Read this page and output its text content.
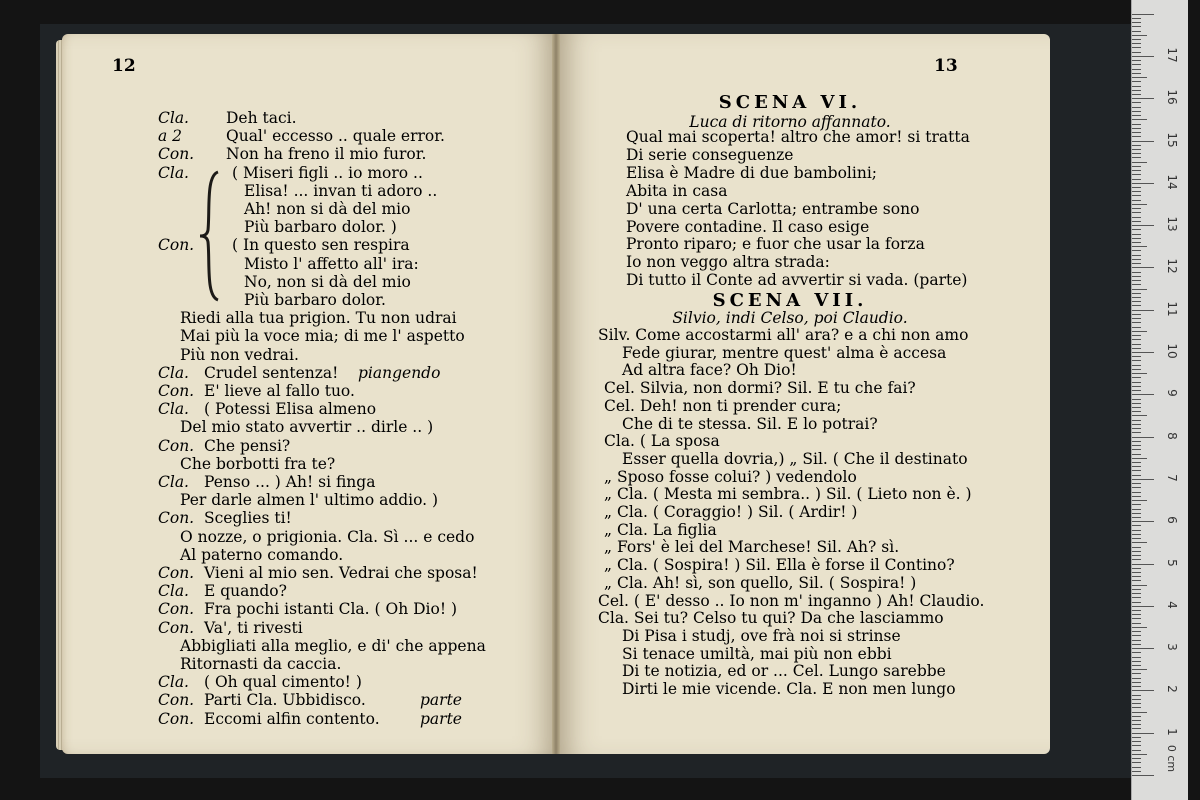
12	13
Cla. Deh taci.
a 2	Qual' eccesso .. quale error.
Con. Non ha freno il mio furor.
Cla.	( Miseri figli .. io moro ..
Elisa! ... invan ti adoro ..
Ah! non si dà del mio
Più barbaro dolor. )
Con. ( In questo sen respira
Misto l' affetto all' ira:
No, non si dà del mio
Più barbaro dolor.
Riedi alla tua prigion. Tu non udrai
Mai più la voce mia; di me l' aspetto
Più non vedrai.
Cla. Crudel sentenza! piangendo
Con. E' lieve al fallo tuo.
Cla. ( Potessi Elisa almeno
Del mio stato avvertir .. dirle .. )
Con. Che pensi?
Che borbotti fra te?
Cla. Penso ... ) Ah! si finga
Per darle almen l' ultimo addio. )
Con. Sceglies ti!
O nozze, o prigionia. Cla. Sì ... e cedo
Al paterno comando.
Con. Vieni al mio sen. Vedrai che sposa!
Cla. E quando?
Con. Fra pochi istanti Cla. ( Oh Dio! )
Con. Va', ti rivesti
Abbigliati alla meglio, e di' che appena
Ritornasti da caccia.
Cla. ( Oh qual cimento! )
Con. Parti Cla. Ubbidisco.	parte
Con. Eccomi alfin contento.	parte
Qual mai scoperta! altro che amor! si tratta
Di serie conseguenze
Elisa è Madre di due bambolini;
Abita in casa
D' una certa Carlotta; entrambe sono
Povere contadine. Il caso esige
Pronto riparo; e fuor che usar la forza
Io non veggo altra strada:
Di tutto il Conte ad avvertir si vada. (parte)
Silv. Come accostarmi all' ara? e a chi non amo
Fede giurar, mentre quest' alma è accesa
Ad altra face? Oh Dio!
Cel. Silvia, non dormi? Sil. E tu che fai?
Cel. Deh! non ti prender cura;
Che di te stessa. Sil. E lo potrai?
Cla. ( La sposa
Esser quella dovria,) „ Sil. ( Che il destinato
„ Sposo fosse colui? ) vedendolo
„ Cla. ( Mesta mi sembra.. ) Sil. ( Lieto non è. )
„ Cla. ( Coraggio! ) Sil. ( Ardir! )
„ Cla. La figlia
„ Fors' è lei del Marchese! Sil. Ah? sì.
„ Cla. ( Sospira! ) Sil. Ella è forse il Contino?
„ Cla. Ah! sì, son quello, Sil. ( Sospira! )
Cel. ( E' desso .. Io non m' inganno ) Ah! Claudio.
Cla. Sei tu? Celso tu qui? Da che lasciammo
Di Pisa i studj, ove frà noi si strinse
Si tenace umiltà, mai più non ebbi
Di te notizia, ed or ... Cel. Lungo sarebbe
Dirti le mie vicende. Cla. E non men lungo
SCENA VI.
Luca di ritorno affannato.
SCENA VII.
Silvio, indi Celso, poi Claudio.
17
16
15
14
13
12
11
10
9
8
7
6
5
4
3
2
1
0 cm
